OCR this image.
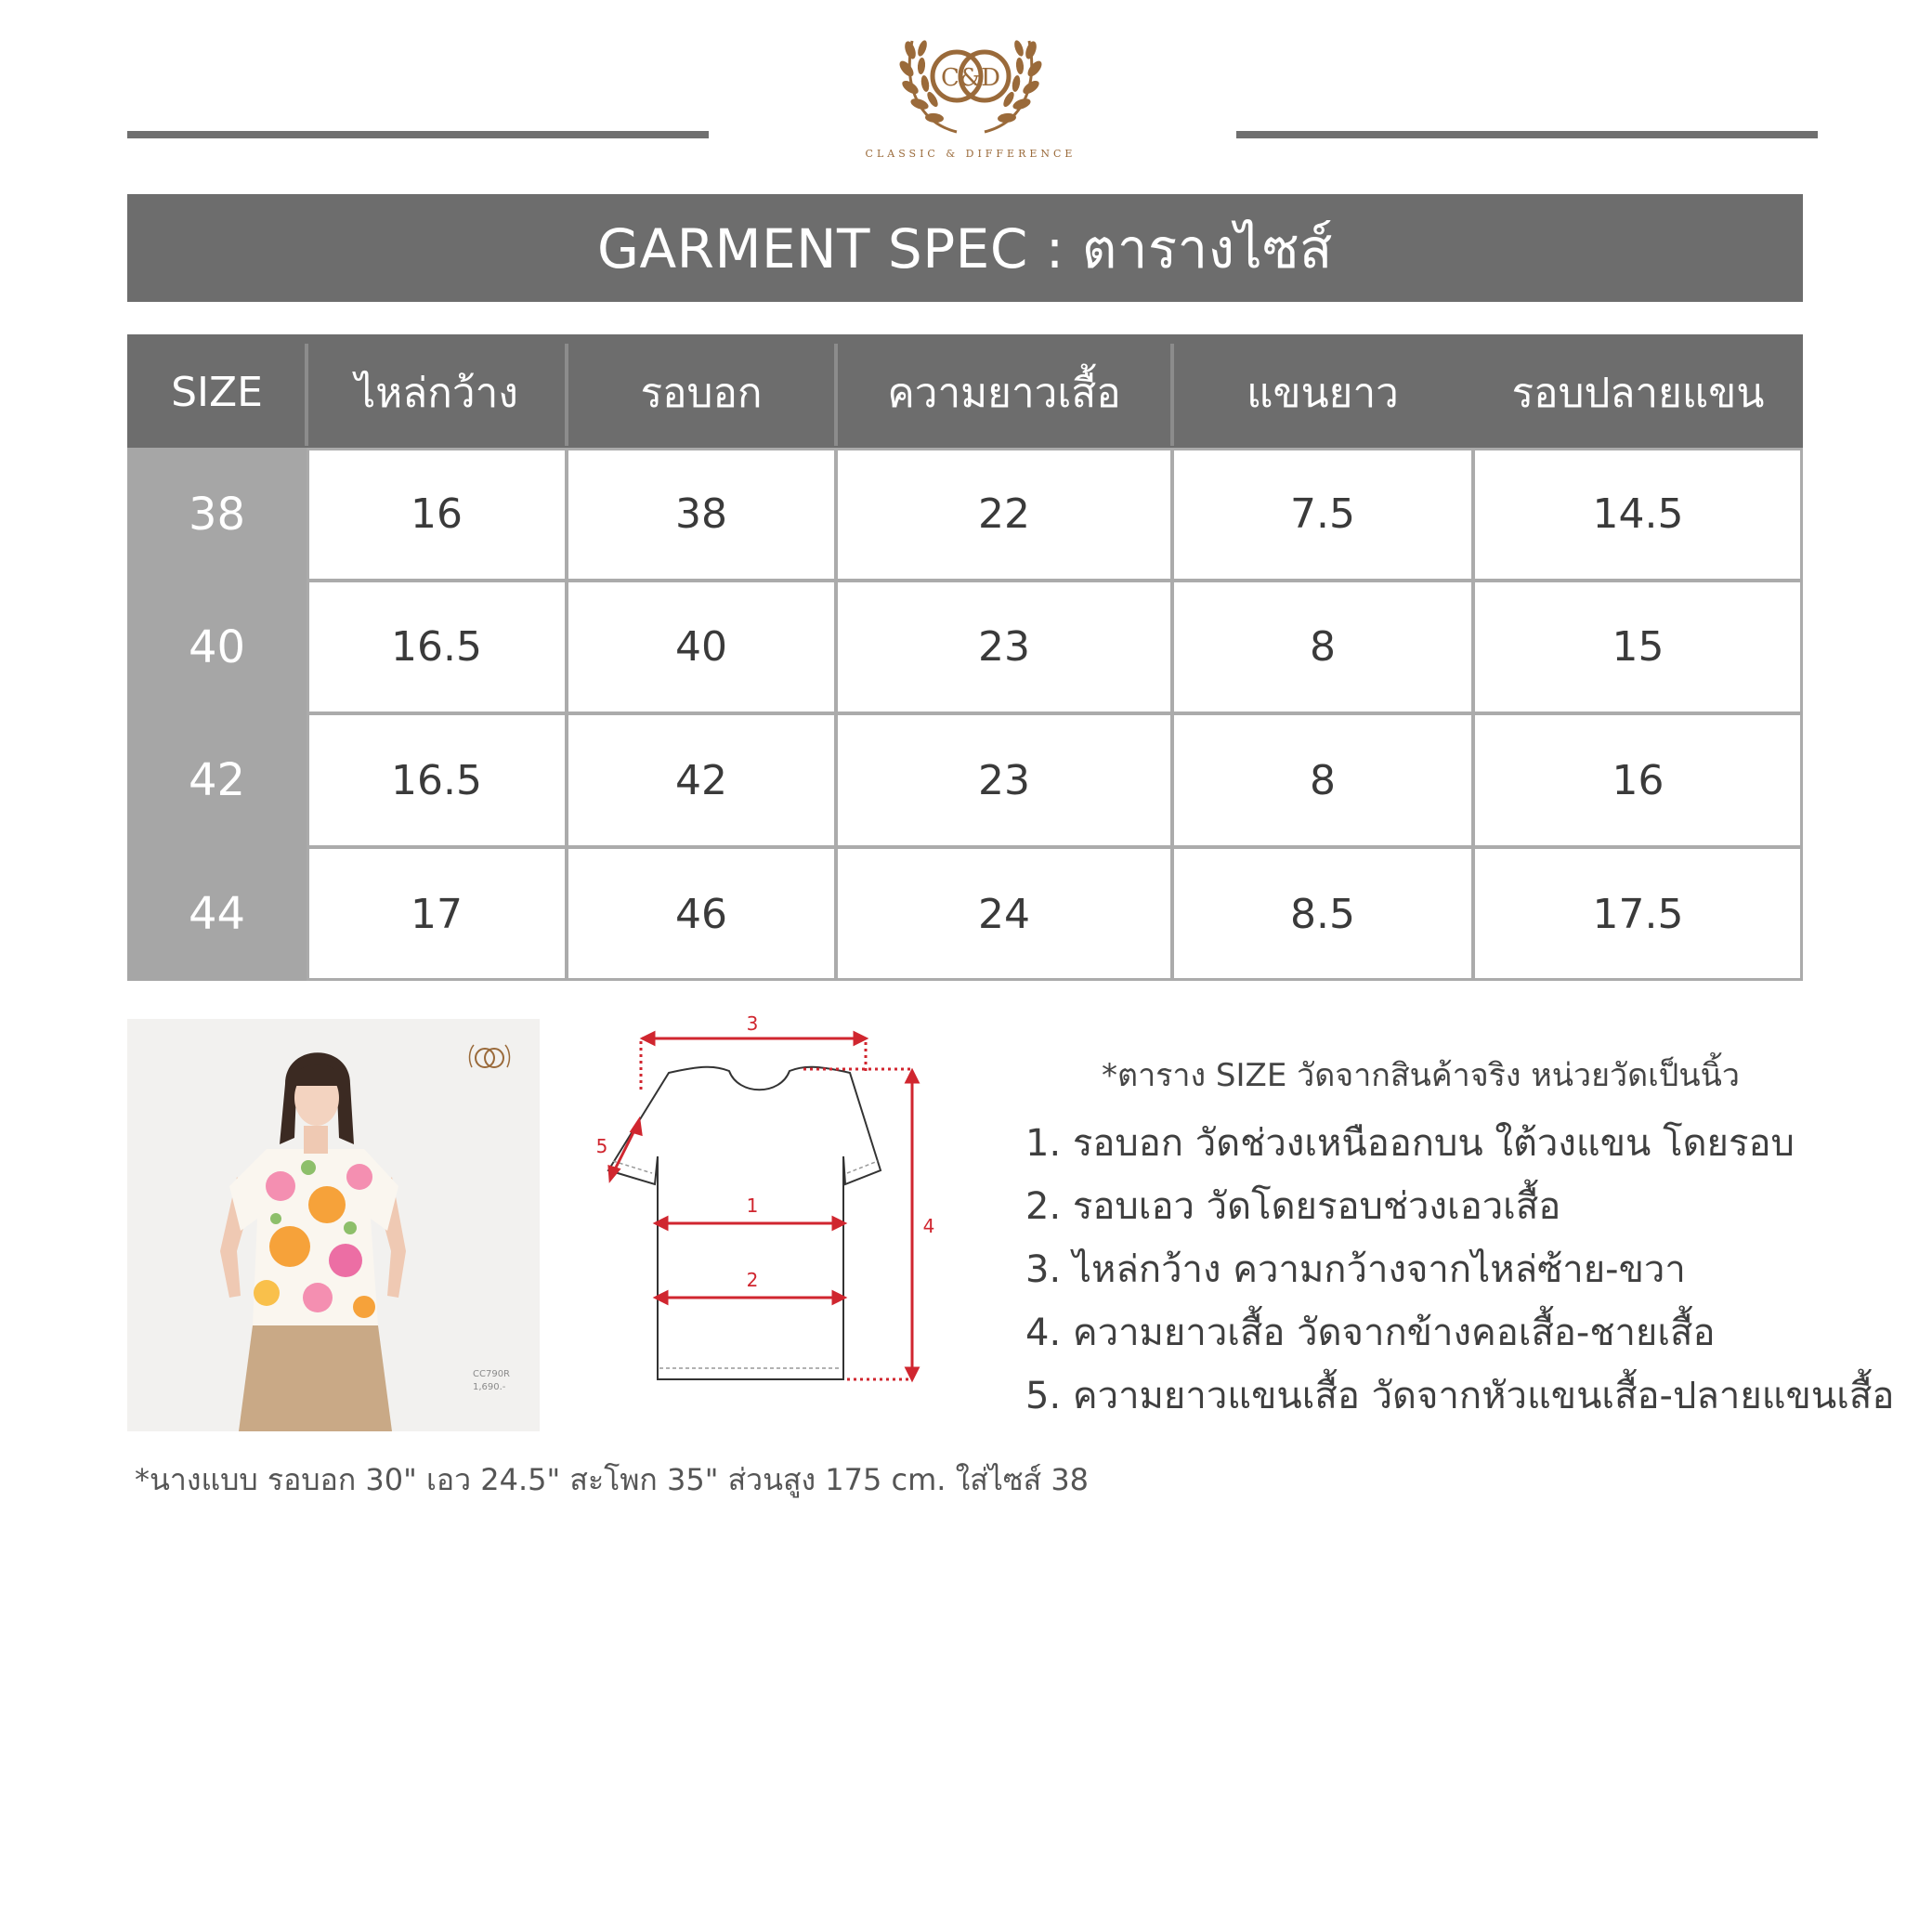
C&D
CLASSIC & DIFFERENCE
GARMENT SPEC : ตารางไซส์
SIZE	ไหล่กว้าง	รอบอก	ความยาวเสื้อ	แขนยาว	รอบปลายแขน
38	16	38	22	7.5	14.5
40	16.5	40	23	8	15
42	16.5	42	23	8	16
44	17	46	24	8.5	17.5
CC790R
1,690.-
3
4
1
2
5
*ตาราง SIZE วัดจากสินค้าจริง หน่วยวัดเป็นนิ้ว
1. รอบอก วัดช่วงเหนืออกบน ใต้วงแขน โดยรอบ
2. รอบเอว วัดโดยรอบช่วงเอวเสื้อ
3. ไหล่กว้าง ความกว้างจากไหล่ซ้าย-ขวา
4. ความยาวเสื้อ วัดจากข้างคอเสื้อ-ชายเสื้อ
5. ความยาวแขนเสื้อ วัดจากหัวแขนเสื้อ-ปลายแขนเสื้อ
*นางแบบ รอบอก 30" เอว 24.5" สะโพก 35" ส่วนสูง 175 cm. ใส่ไซส์ 38
